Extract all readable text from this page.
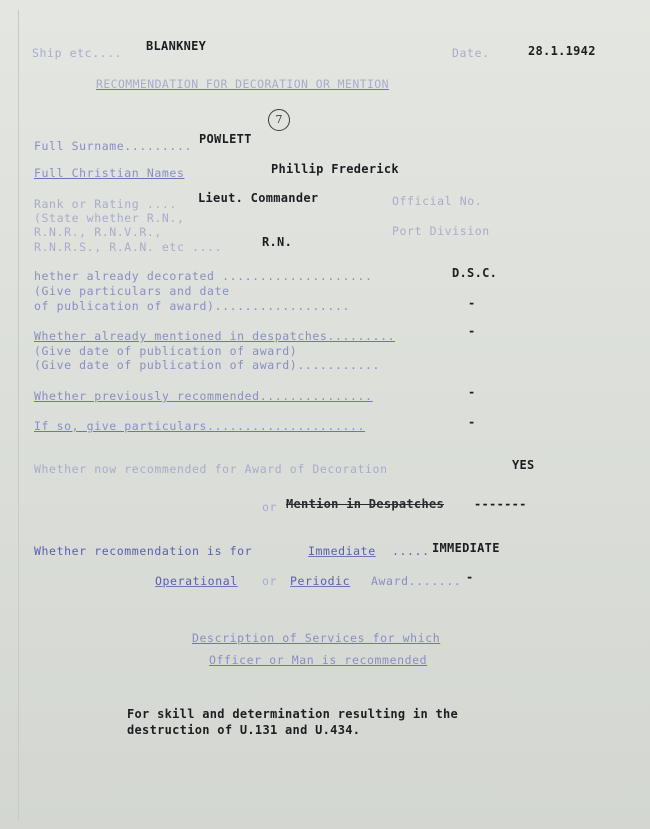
Ship etc.... BLANKNEY	Date.	28.1.1942
RECOMMENDATION FOR DECORATION OR MENTION
7
Full Surname......... POWLETT
Full Christian Names	Phillip Frederick
Rank or Rating .... Lieut. Commander	Official No.
(State whether R.N.,
R.N.R., R.N.V.R.,	Port Division
R.N.R.S., R.A.N. etc ....	R.N.
hether already decorated ....................	D.S.C.
(Give particulars and date
of publication of award)..................	-
Whether already mentioned in despatches.........	-
(Give date of publication of award)
(Give date of publication of award)...........
Whether previously recommended...............	-
If so, give particulars.....................	-
Whether now recommended for Award of Decoration	YES
or Mention in Despatches -------
Whether recommendation is for	Immediate ..... IMMEDIATE
Operational or Periodic Award....... -
Description of Services for which
Officer or Man is recommended
For skill and determination resulting in the
destruction of U.131 and U.434.
